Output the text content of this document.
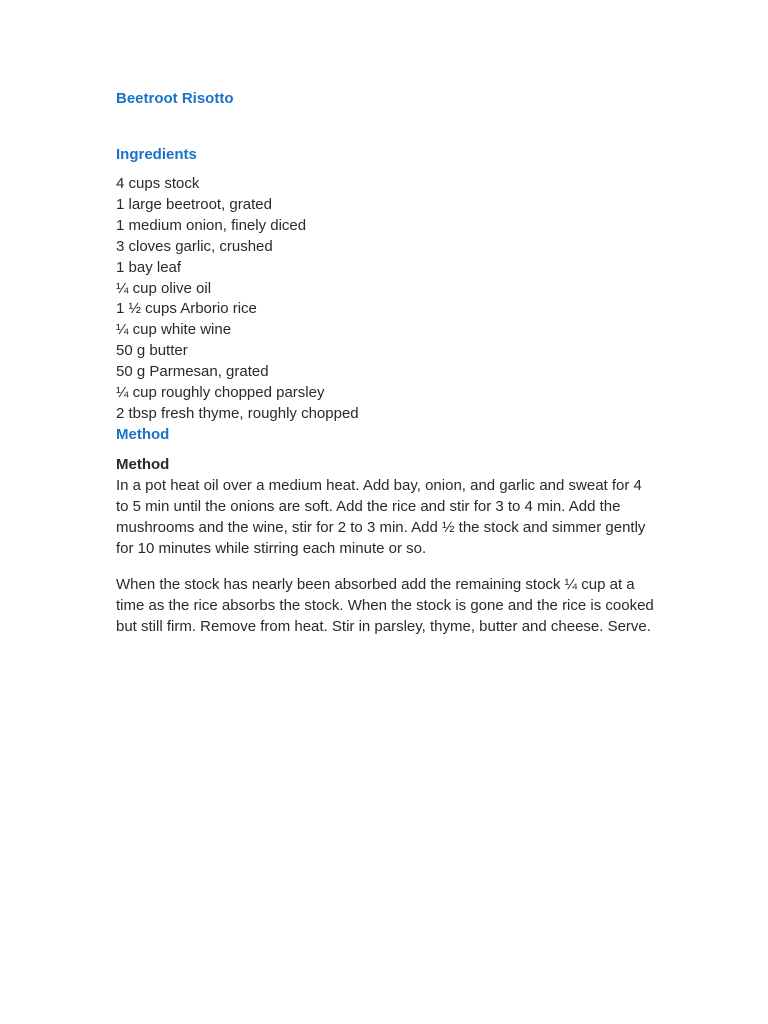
Beetroot Risotto
Ingredients
4 cups stock
1 large beetroot, grated
1 medium onion, finely diced
3 cloves garlic, crushed
1 bay leaf
¼ cup olive oil
1 ½ cups Arborio rice
¼ cup white wine
50 g butter
50 g Parmesan, grated
¼ cup roughly chopped parsley
2 tbsp fresh thyme, roughly chopped
Method
Method

In a pot heat oil over a medium heat. Add bay, onion, and garlic and sweat for 4 to 5 min until the onions are soft. Add the rice and stir for 3 to 4 min. Add the mushrooms and the wine, stir for 2 to 3 min. Add ½ the stock and simmer gently for 10 minutes while stirring each minute or so.

When the stock has nearly been absorbed add the remaining stock ¼ cup at a time as the rice absorbs the stock. When the stock is gone and the rice is cooked but still firm. Remove from heat. Stir in parsley, thyme, butter and cheese. Serve.
